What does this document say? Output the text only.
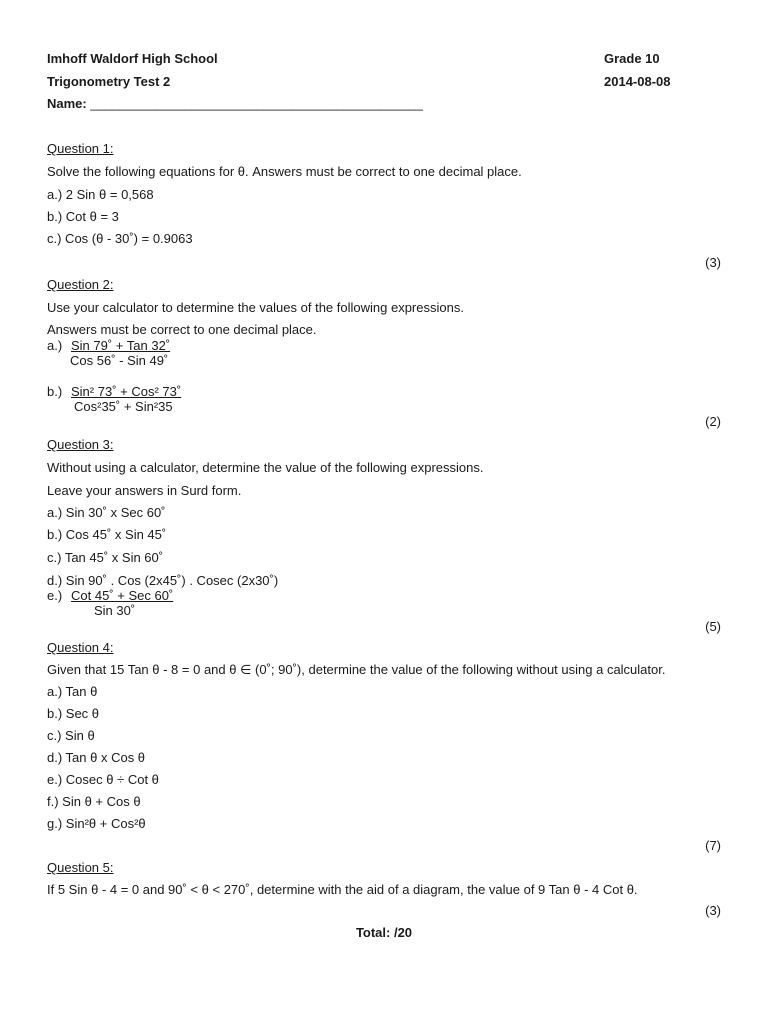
Imhoff Waldorf High School	Grade 10
Trigonometry Test 2	2014-08-08
Name: ______________________________________________
Question 1:
Solve the following equations for θ. Answers must be correct to one decimal place.
a.) 2 Sin θ = 0,568
b.) Cot θ = 3
c.) Cos (θ - 30˚) = 0.9063
(3)
Question 2:
Use your calculator to determine the values of the following expressions.
Answers must be correct to one decimal place.
a.) Sin 79˚ + Tan 32˚
Cos 56˚ - Sin 49˚
b.) Sin² 73˚ + Cos² 73˚
Cos²35˚ + Sin²35
(2)
Question 3:
Without using a calculator, determine the value of the following expressions.
Leave your answers in Surd form.
a.) Sin 30˚ x Sec 60˚
b.) Cos 45˚ x Sin 45˚
c.) Tan 45˚ x Sin 60˚
d.) Sin 90˚ . Cos (2x45˚) . Cosec (2x30˚)
e.) Cot 45˚ + Sec 60˚
Sin 30˚
(5)
Question 4:
Given that 15 Tan θ - 8 = 0 and θ ∈ (0˚; 90˚), determine the value of the following without using a calculator.
a.) Tan θ
b.) Sec θ
c.) Sin θ
d.) Tan θ x Cos θ
e.) Cosec θ ÷ Cot θ
f.) Sin θ + Cos θ
g.) Sin²θ + Cos²θ
(7)
Question 5:
If 5 Sin θ - 4 = 0 and 90˚ < θ < 270˚, determine with the aid of a diagram, the value of 9 Tan θ - 4 Cot θ.
(3)
Total: /20
